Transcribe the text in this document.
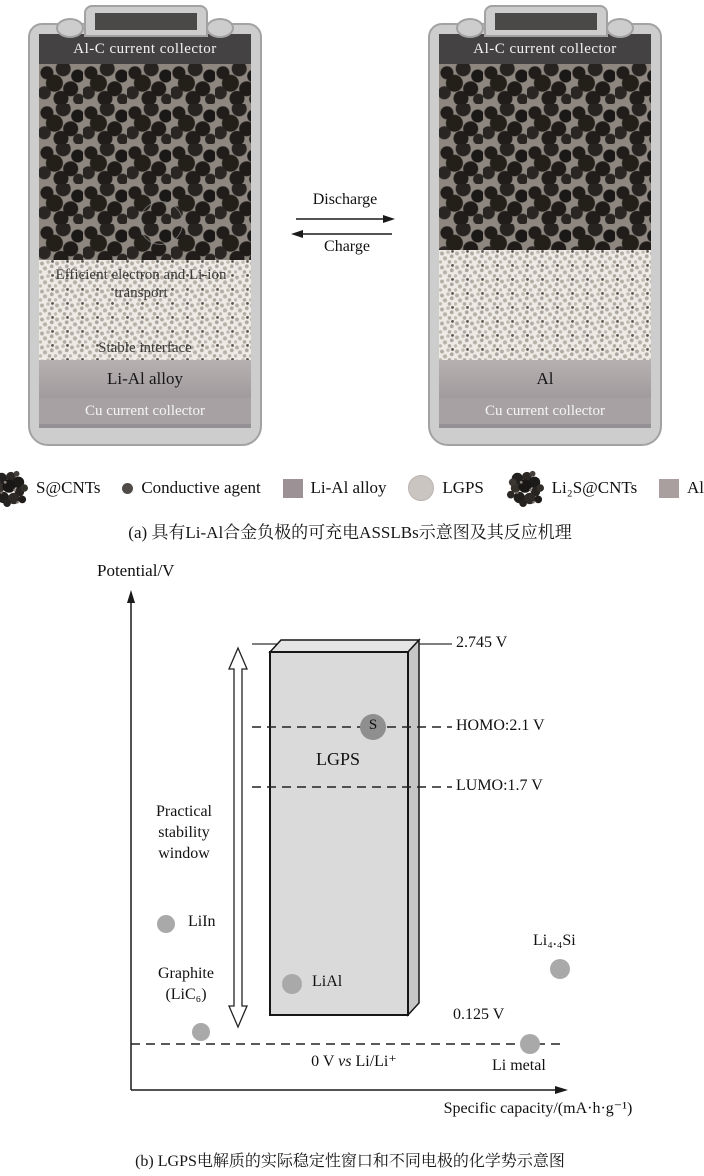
Al-C current collector
Efficient electron and Li-ion transport
Stable interface
Li-Al alloy
Cu current collector
Al-C current collector
Al
Cu current collector
Discharge
Charge
S@CNTs Conductive agent	Li-Al alloy	LGPS	Li₂S@CNTs	Al
(a) 具有Li-Al合金负极的可充电ASSLBs示意图及其反应机理
Potential/V
2.745 V
HOMO:2.1 V
LUMO:1.7 V
LGPS
S
Practical stability window
LiIn
Graphite
(LiC₆)
LiAl
Li₄.₄Si
0.125 V
Li metal
0 V vs Li/Li⁺
Specific capacity/(mA·h·g⁻¹)
(b) LGPS电解质的实际稳定性窗口和不同电极的化学势示意图
